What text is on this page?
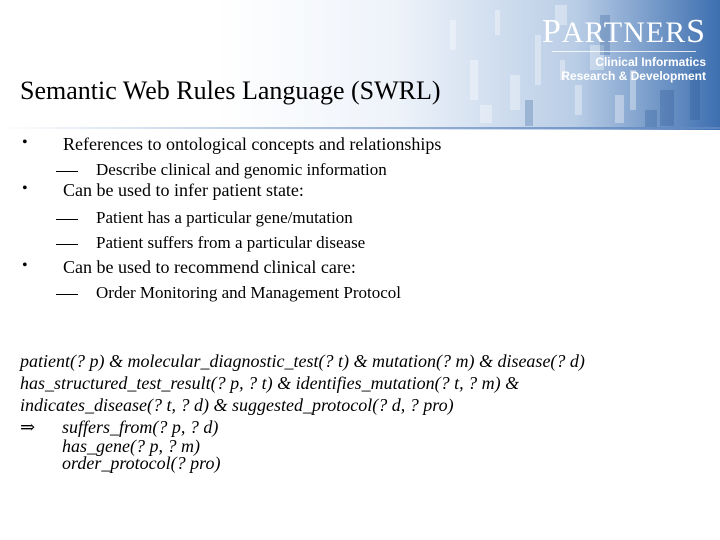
PARTNERS
Clinical Informatics
Research & Development
Semantic Web Rules Language (SWRL)
• References to ontological concepts and relationships
Describe clinical and genomic information
• Can be used to infer patient state:
Patient has a particular gene/mutation
Patient suffers from a particular disease
• Can be used to recommend clinical care:
Order Monitoring and Management Protocol
patient(? p) & molecular_diagnostic_test(? t) & mutation(? m) & disease(? d)
has_structured_test_result(? p, ? t) & identifies_mutation(? t, ? m) &
indicates_disease(? t, ? d) & suggested_protocol(? d, ? pro)
⇒ suffers_from(? p, ? d)
has_gene(? p, ? m)
order_protocol(? pro)
